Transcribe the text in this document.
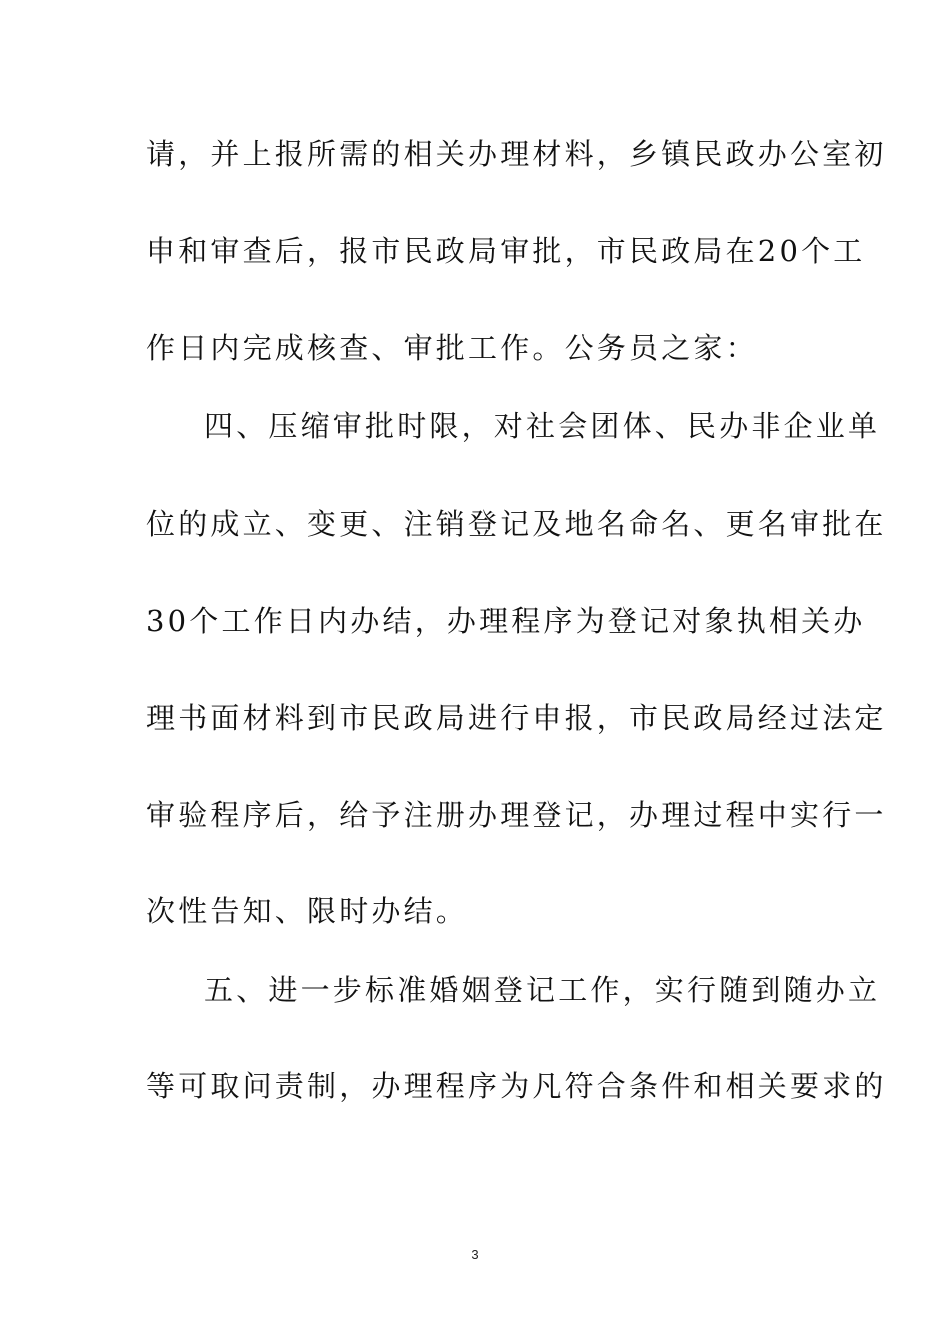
请，并上报所需的相关办理材料，乡镇民政办公室初
申和审查后，报市民政局审批，市民政局在20个工
作日内完成核查、审批工作。公务员之家：
四、压缩审批时限，对社会团体、民办非企业单
位的成立、变更、注销登记及地名命名、更名审批在
30个工作日内办结，办理程序为登记对象执相关办
理书面材料到市民政局进行申报，市民政局经过法定
审验程序后，给予注册办理登记，办理过程中实行一
次性告知、限时办结。
五、进一步标准婚姻登记工作，实行随到随办立
等可取问责制，办理程序为凡符合条件和相关要求的
3
